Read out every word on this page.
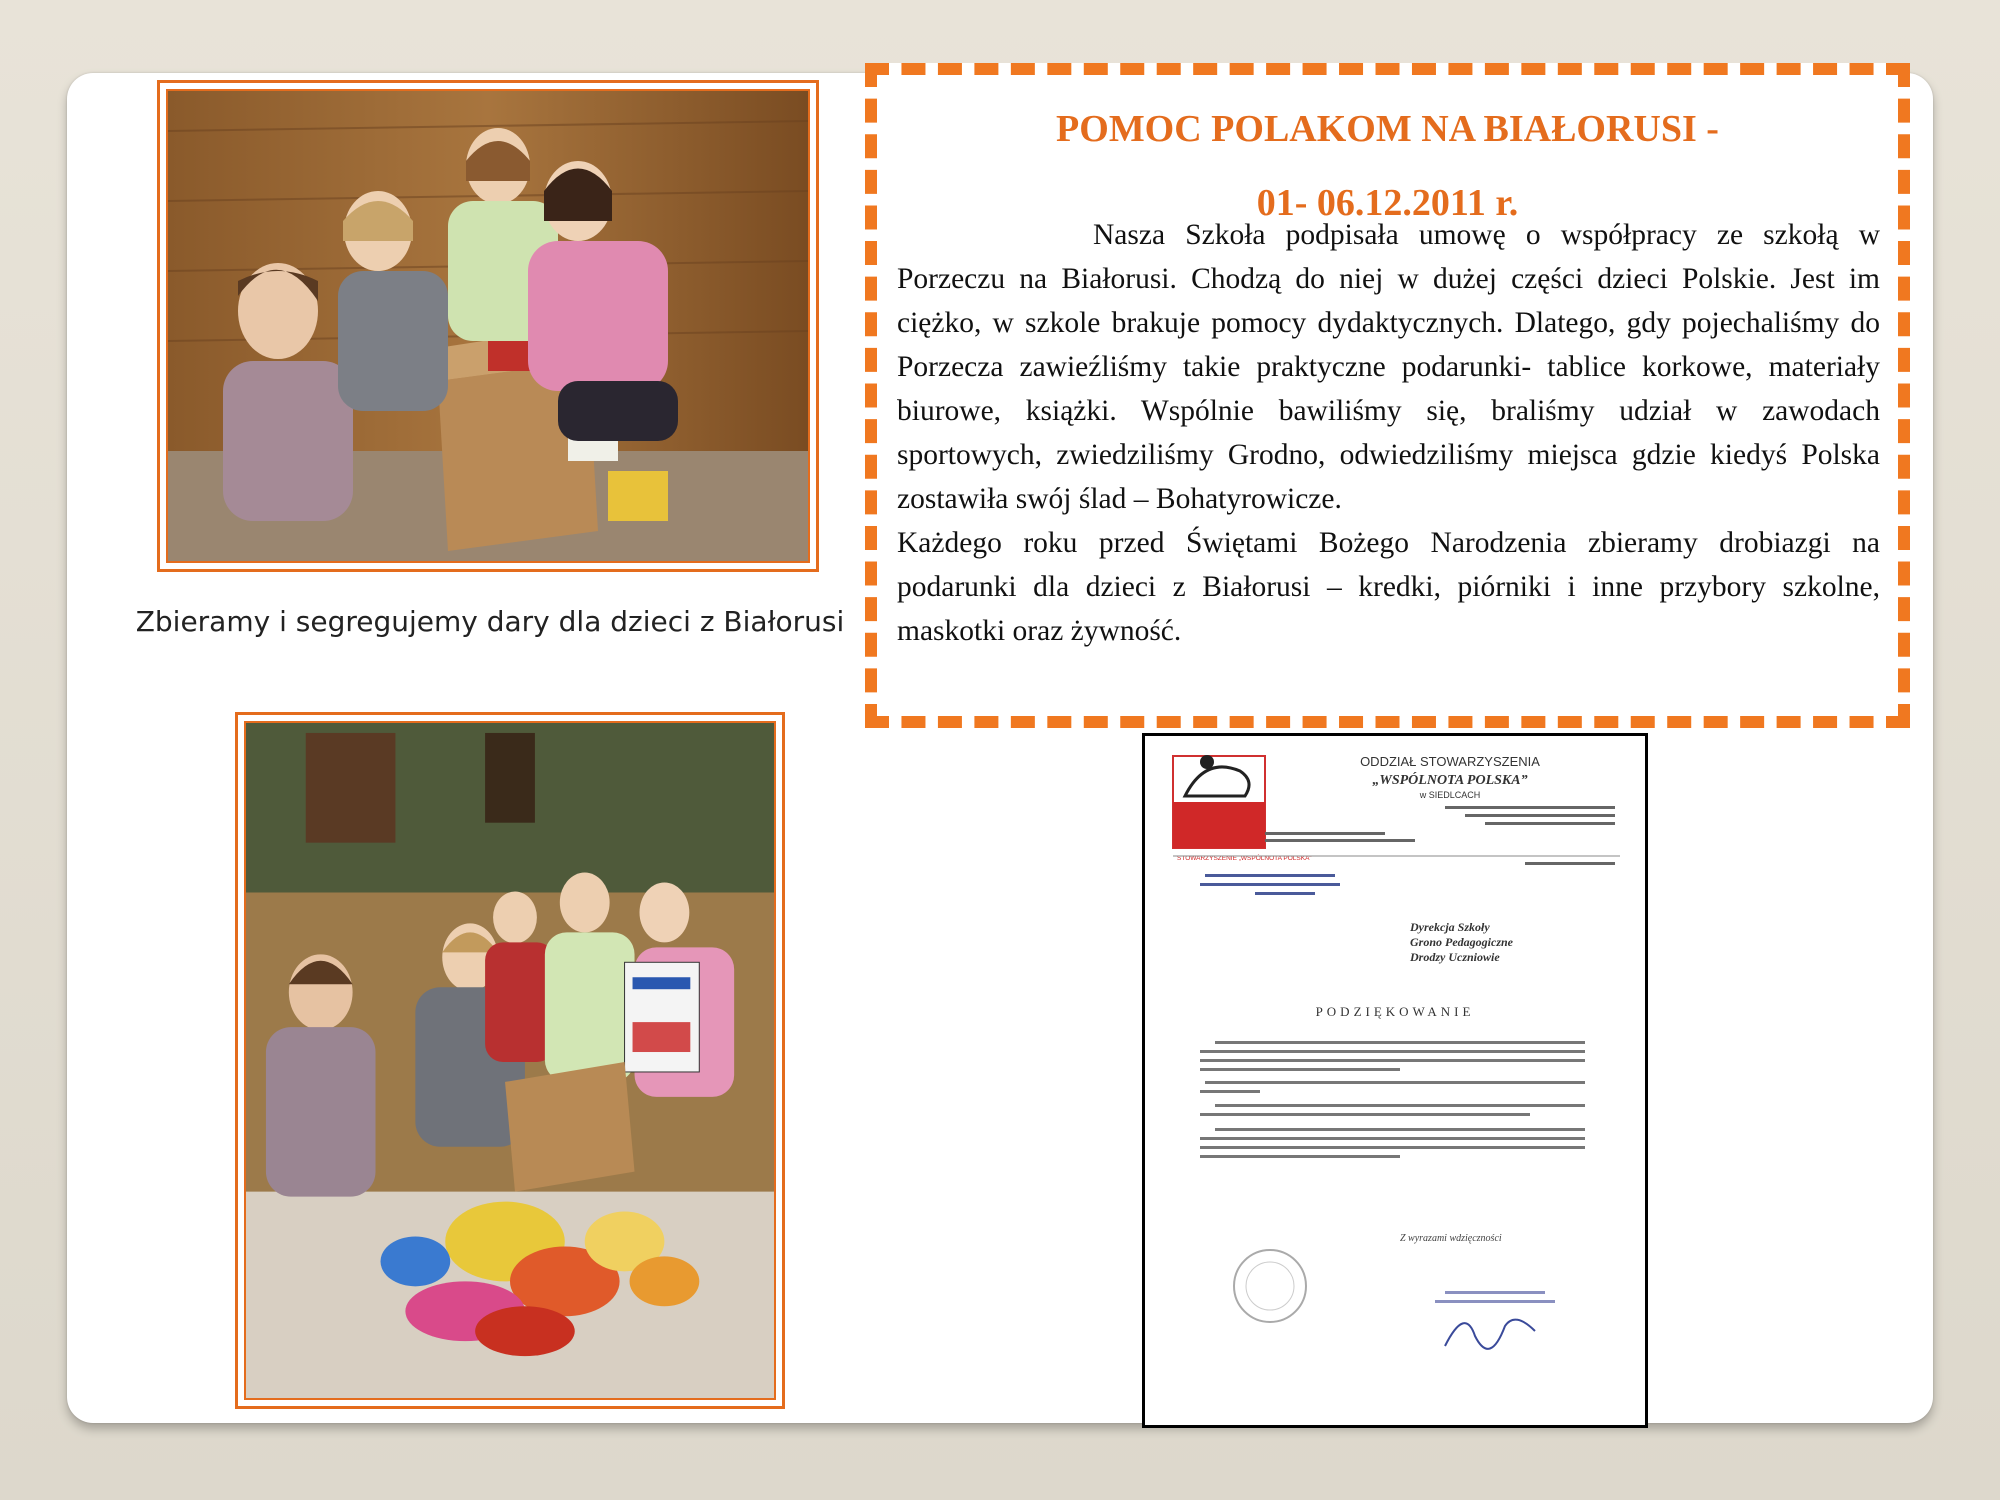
Zbieramy i segregujemy dary dla dzieci z Białorusi
POMOC POLAKOM NA BIAŁORUSI -
01- 06.12.2011 r.

Nasza Szkoła podpisała umowę o współpracy ze szkołą w Porzeczu na Białorusi. Chodzą do niej w dużej części dzieci Polskie. Jest im ciężko, w szkole brakuje pomocy dydaktycznych. Dlatego, gdy pojechaliśmy do Porzecza zawieźliśmy takie praktyczne podarunki- tablice korkowe, materiały biurowe, książki. Wspólnie bawiliśmy się, braliśmy udział w zawodach sportowych, zwiedziliśmy Grodno, odwiedziliśmy miejsca gdzie kiedyś Polska zostawiła swój ślad – Bohatyrowicze.

Każdego roku przed Świętami Bożego Narodzenia zbieramy drobiazgi na podarunki dla dzieci z Białorusi – kredki, piórniki i inne przybory szkolne, maskotki oraz żywność.

STOWARZYSZENIE „WSPÓLNOTA POLSKA”
ODDZIAŁ STOWARZYSZENIA
„WSPÓLNOTA POLSKA”
w SIEDLCACH
Dyrekcja Szkoły
Grono Pedagogiczne
Drodzy Uczniowie
PODZIĘKOWANIE
Z wyrazami wdzięczności
